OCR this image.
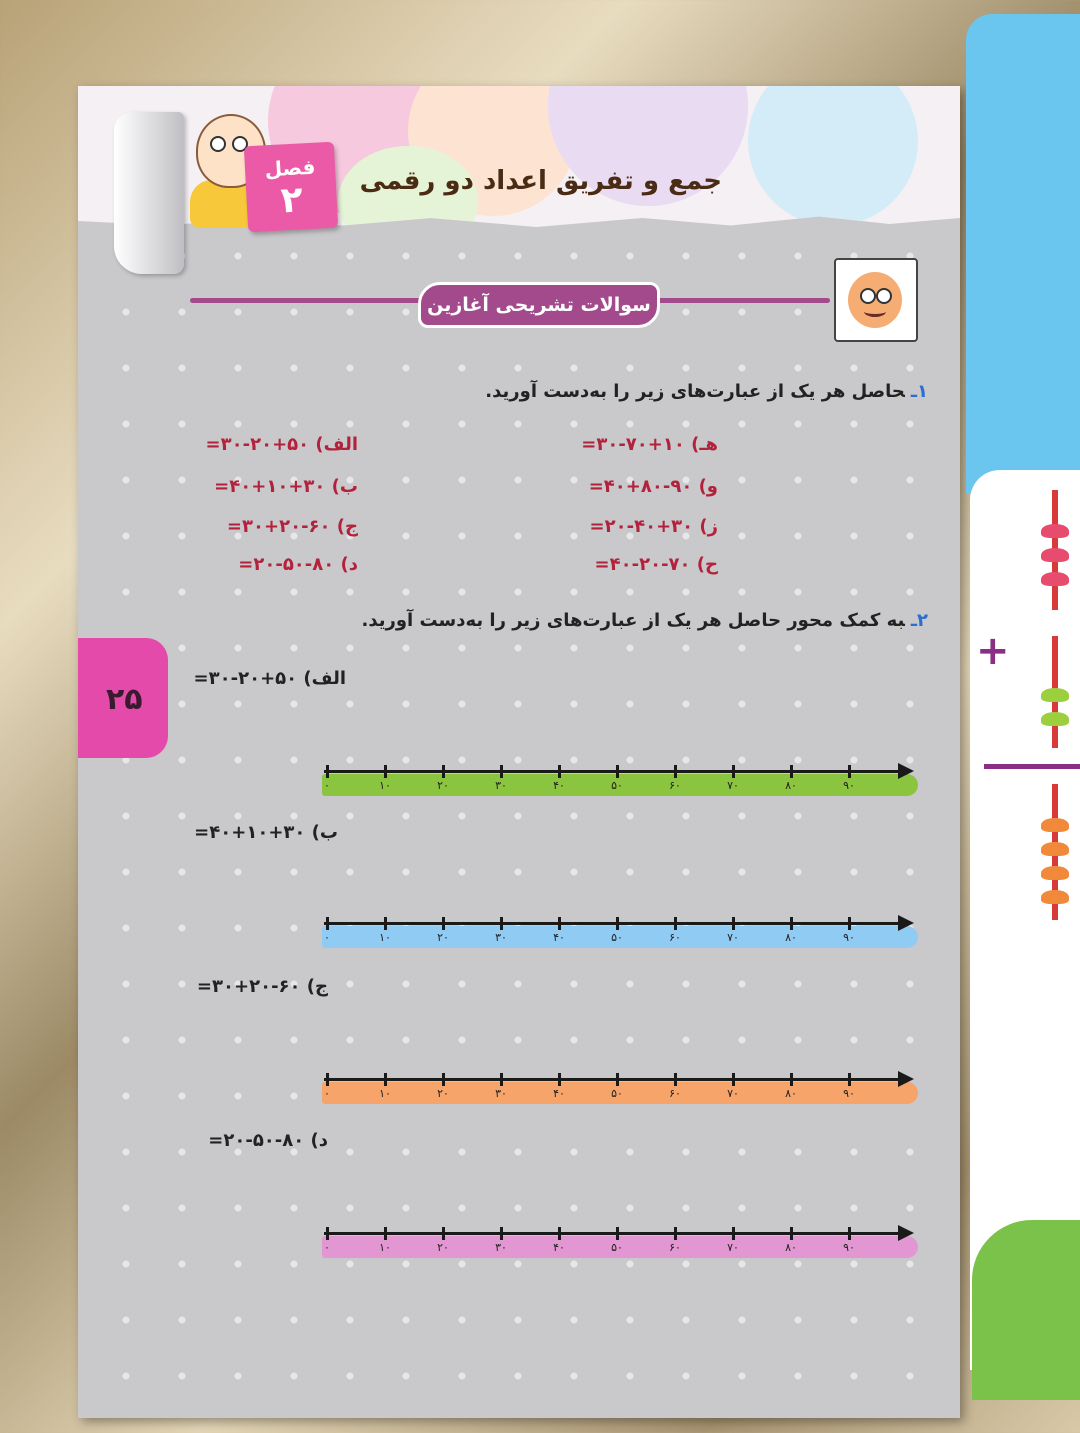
فصل
۲	جمع و تفریق اعداد دو رقمی
سوالات تشریحی آغازین
۱ـحاصل هر یک از عبارت‌های زیر را به‌دست آورید.
الف) ۵۰+۲۰-۳۰=
ب) ۳۰+۱۰+۴۰=
ج) ۶۰-۲۰+۳۰=
د) ۸۰-۵۰-۲۰=
هـ) ۱۰+۷۰-۳۰=
و) ۹۰-۸۰+۴۰=
ز) ۳۰+۴۰-۲۰=
ح) ۷۰-۲۰-۴۰=
۲ـبه کمک محور حاصل هر یک از عبارت‌های زیر را به‌دست آورید.
۲۵
الف) ۵۰+۲۰-۳۰=
۰	۱۰	۲۰	۳۰	۴۰	۵۰	۶۰	۷۰	۸۰	۹۰
ب) ۳۰+۱۰+۴۰=
۰	۱۰	۲۰	۳۰	۴۰	۵۰	۶۰	۷۰	۸۰	۹۰
ج) ۶۰-۲۰+۳۰=
۰	۱۰	۲۰	۳۰	۴۰	۵۰	۶۰	۷۰	۸۰	۹۰
د) ۸۰-۵۰-۲۰=
۰	۱۰	۲۰	۳۰	۴۰	۵۰	۶۰	۷۰	۸۰	۹۰
+
